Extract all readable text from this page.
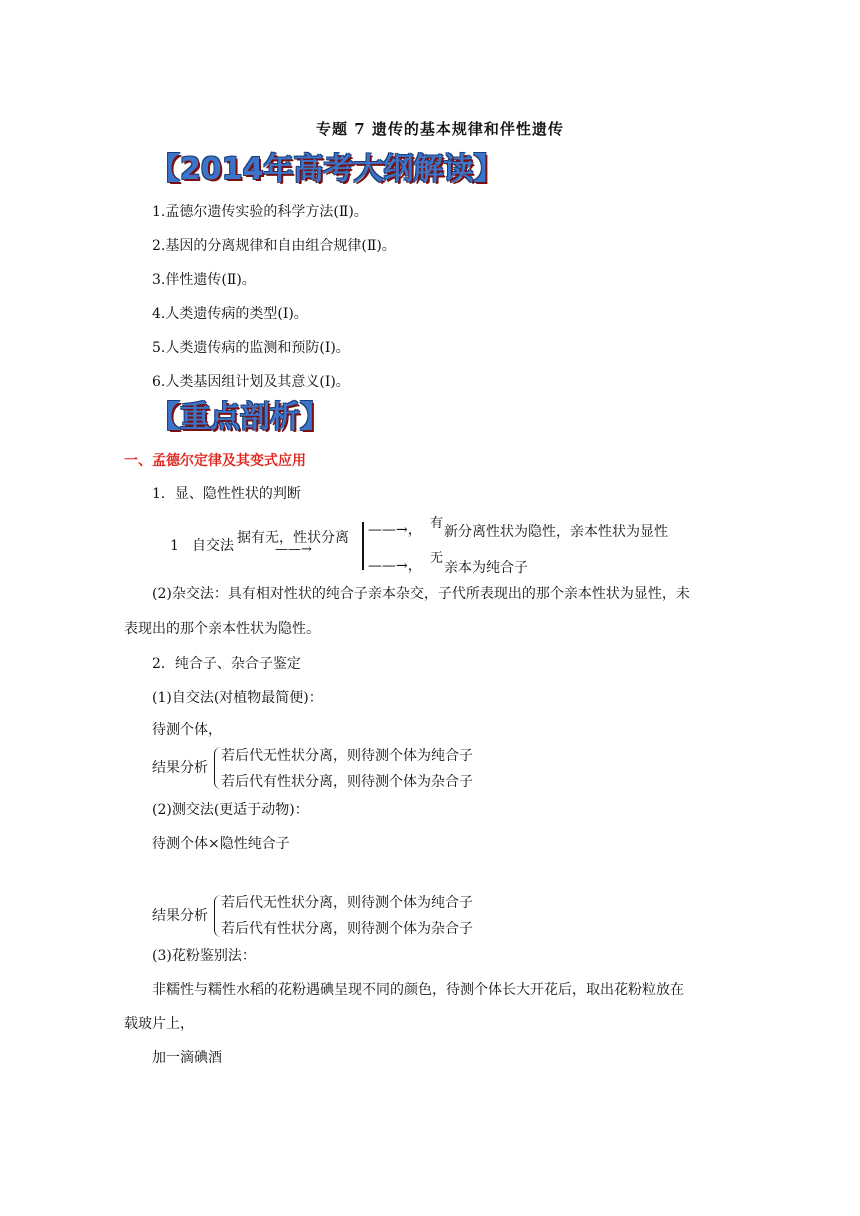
专题 7 遗传的基本规律和伴性遗传
【2014年高考大纲解读】
1.孟德尔遗传实验的科学方法(Ⅱ)。
2.基因的分离规律和自由组合规律(Ⅱ)。
3.伴性遗传(Ⅱ)。
4.人类遗传病的类型(Ⅰ)。
5.人类遗传病的监测和预防(Ⅰ)。
6.人类基因组计划及其意义(Ⅰ)。
【重点剖析】
一、孟德尔定律及其变式应用
1．显、隐性性状的判断
1 自交法 据有无，性状分离
——→
——→， 有
新分离性状为隐性，亲本性状为显性
——→， 无
亲本为纯合子
(2)杂交法：具有相对性状的纯合子亲本杂交，子代所表现出的那个亲本性状为显性，未
表现出的那个亲本性状为隐性。
2．纯合子、杂合子鉴定
(1)自交法(对植物最简便)：
待测个体，
结果分析
若后代无性状分离，则待测个体为纯合子
若后代有性状分离，则待测个体为杂合子
(2)测交法(更适于动物)：
待测个体×隐性纯合子
结果分析
若后代无性状分离，则待测个体为纯合子
若后代有性状分离，则待测个体为杂合子
(3)花粉鉴别法：
非糯性与糯性水稻的花粉遇碘呈现不同的颜色，待测个体长大开花后，取出花粉粒放在
载玻片上，
加一滴碘酒
